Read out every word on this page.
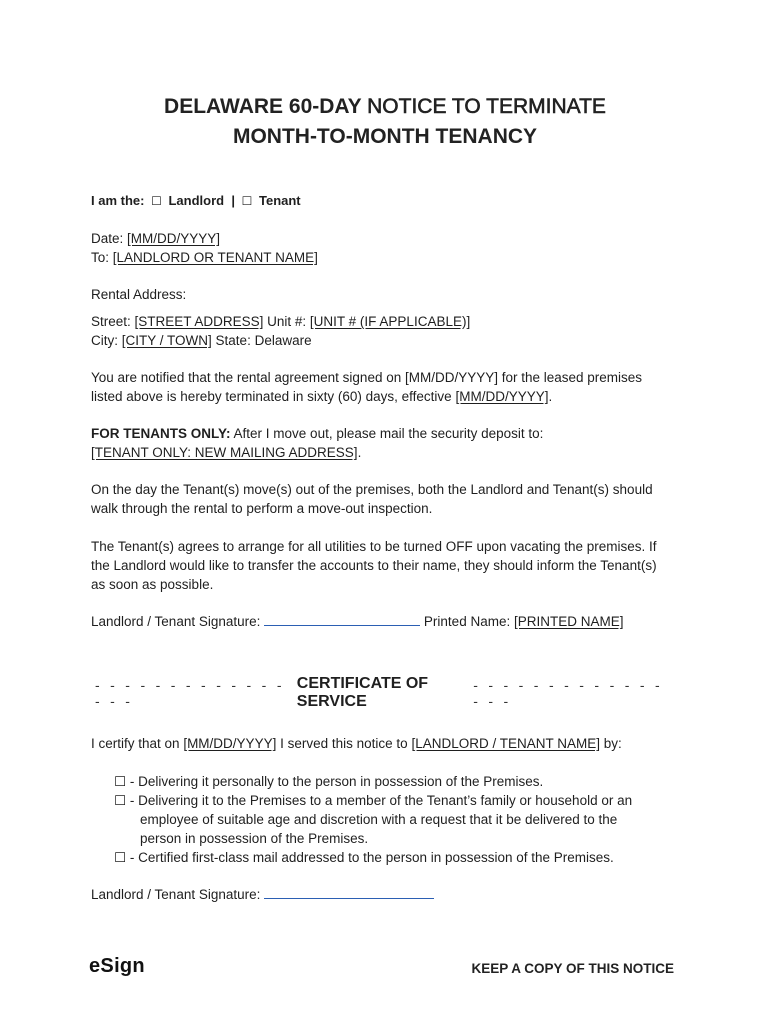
DELAWARE 60-DAY NOTICE TO TERMINATE
MONTH-TO-MONTH TENANCY
I am the: ☐ Landlord | ☐ Tenant
Date: [MM/DD/YYYY]
To: [LANDLORD OR TENANT NAME]
Rental Address:
Street: [STREET ADDRESS] Unit #: [UNIT # (IF APPLICABLE)]
City: [CITY / TOWN] State: Delaware
You are notified that the rental agreement signed on [MM/DD/YYYY] for the leased premises
listed above is hereby terminated in sixty (60) days, effective [MM/DD/YYYY].
FOR TENANTS ONLY: After I move out, please mail the security deposit to:
[TENANT ONLY: NEW MAILING ADDRESS].
On the day the Tenant(s) move(s) out of the premises, both the Landlord and Tenant(s) should
walk through the rental to perform a move-out inspection.
The Tenant(s) agrees to arrange for all utilities to be turned OFF upon vacating the premises. If
the Landlord would like to transfer the accounts to their name, they should inform the Tenant(s)
as soon as possible.
Landlord / Tenant Signature:	Printed Name: [PRINTED NAME]
- - - - - - - - - - - - - - - -
CERTIFICATE OF SERVICE
- - - - - - - - - - - - - - - -
I certify that on [MM/DD/YYYY] I served this notice to [LANDLORD / TENANT NAME] by:
☐ - Delivering it personally to the person in possession of the Premises.
☐ - Delivering it to the Premises to a member of the Tenant’s family or household or an
employee of suitable age and discretion with a request that it be delivered to the
person in possession of the Premises.
☐ - Certified first-class mail addressed to the person in possession of the Premises.
Landlord / Tenant Signature:
eSign	KEEP A COPY OF THIS NOTICE
